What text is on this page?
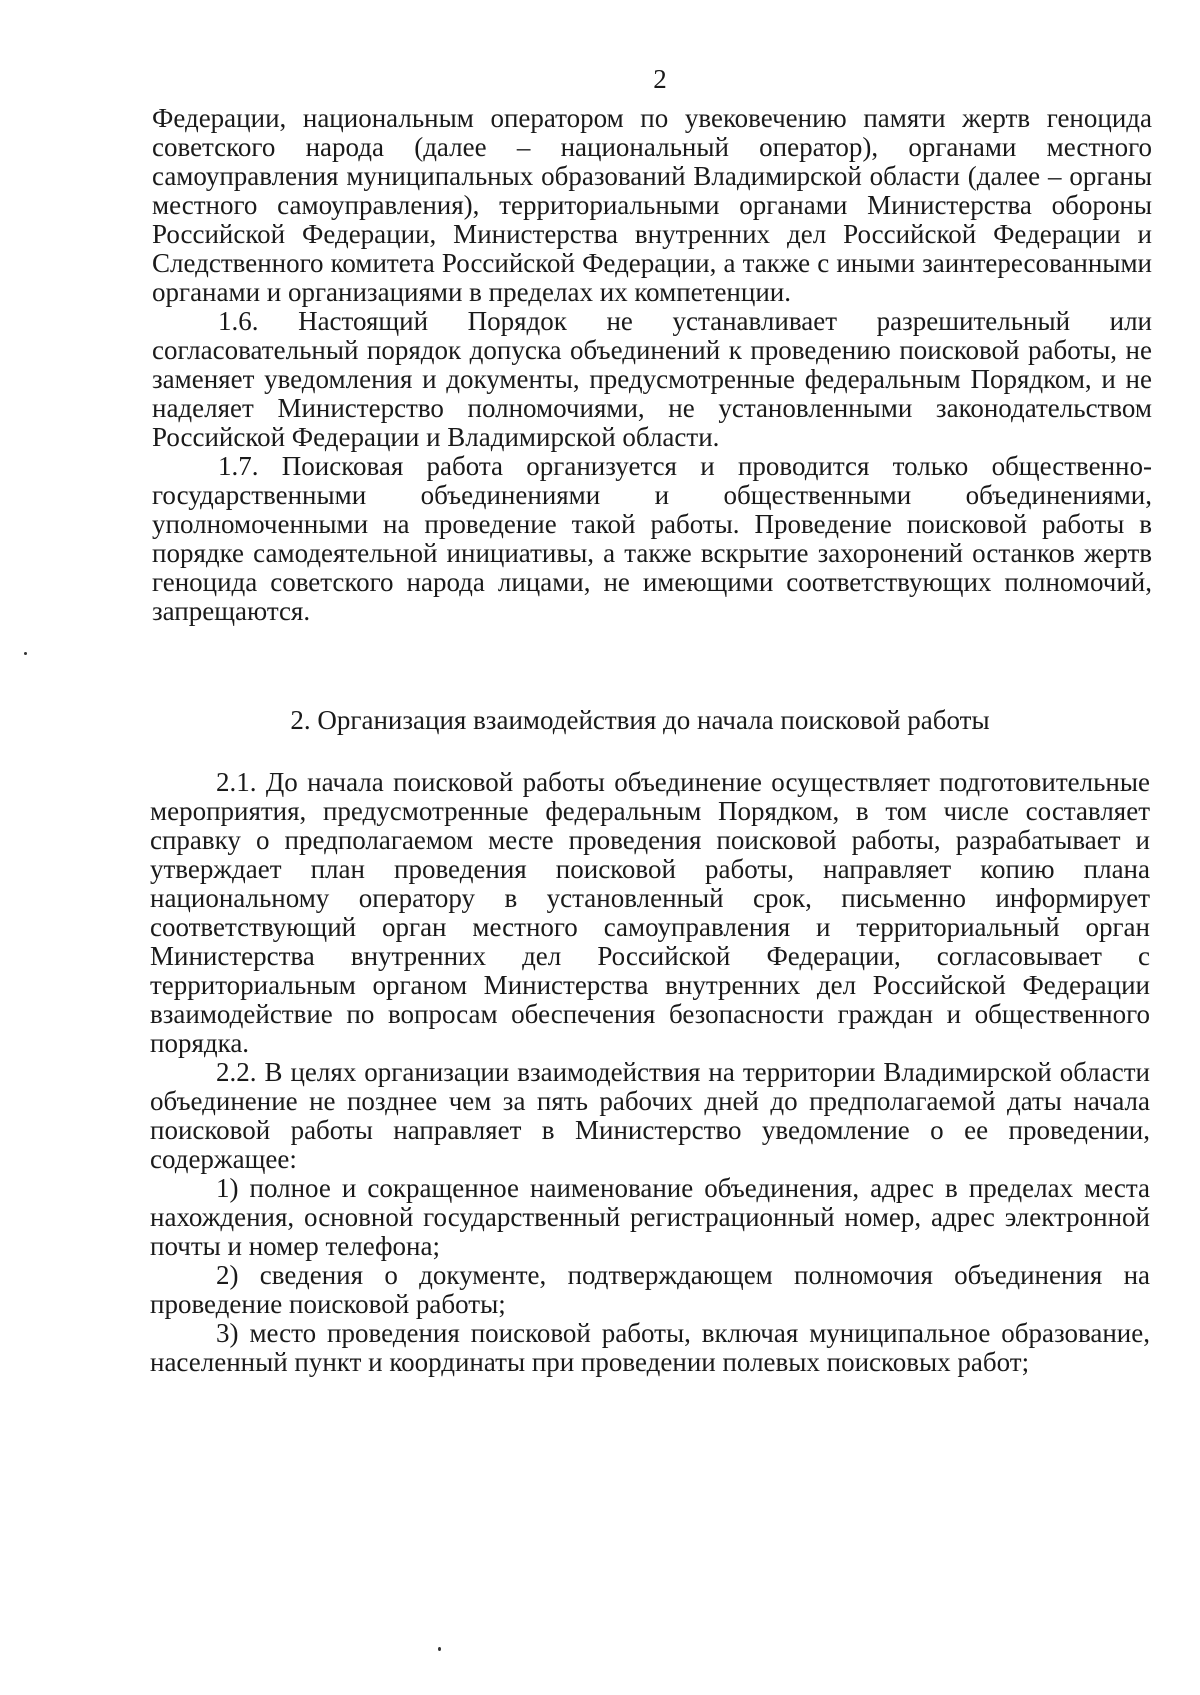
2

Федерации, национальным оператором по увековечению памяти жертв геноцида советского народа (далее – национальный оператор), органами местного самоуправления муниципальных образований Владимирской области (далее – органы местного самоуправления), территориальными органами Министерства обороны Российской Федерации, Министерства внутренних дел Российской Федерации и Следственного комитета Российской Федерации, а также с иными заинтересованными органами и организациями в пределах их компетенции.

1.6. Настоящий Порядок не устанавливает разрешительный или согласовательный порядок допуска объединений к проведению поисковой работы, не заменяет уведомления и документы, предусмотренные федеральным Порядком, и не наделяет Министерство полномочиями, не установленными законодательством Российской Федерации и Владимирской области.

1.7. Поисковая работа организуется и проводится только общественно-государственными объединениями и общественными объединениями, уполномоченными на проведение такой работы. Проведение поисковой работы в порядке самодеятельной инициативы, а также вскрытие захоронений останков жертв геноцида советского народа лицами, не имеющими соответствующих полномочий, запрещаются.

2. Организация взаимодействия до начала поисковой работы

2.1. До начала поисковой работы объединение осуществляет подготовительные мероприятия, предусмотренные федеральным Порядком, в том числе составляет справку о предполагаемом месте проведения поисковой работы, разрабатывает и утверждает план проведения поисковой работы, направляет копию плана национальному оператору в установленный срок, письменно информирует соответствующий орган местного самоуправления и территориальный орган Министерства внутренних дел Российской Федерации, согласовывает с территориальным органом Министерства внутренних дел Российской Федерации взаимодействие по вопросам обеспечения безопасности граждан и общественного порядка.

2.2. В целях организации взаимодействия на территории Владимирской области объединение не позднее чем за пять рабочих дней до предполагаемой даты начала поисковой работы направляет в Министерство уведомление о ее проведении, содержащее:

1) полное и сокращенное наименование объединения, адрес в пределах места нахождения, основной государственный регистрационный номер, адрес электронной почты и номер телефона;

2) сведения о документе, подтверждающем полномочия объединения на проведение поисковой работы;

3) место проведения поисковой работы, включая муниципальное образование, населенный пункт и координаты при проведении полевых поисковых работ;
